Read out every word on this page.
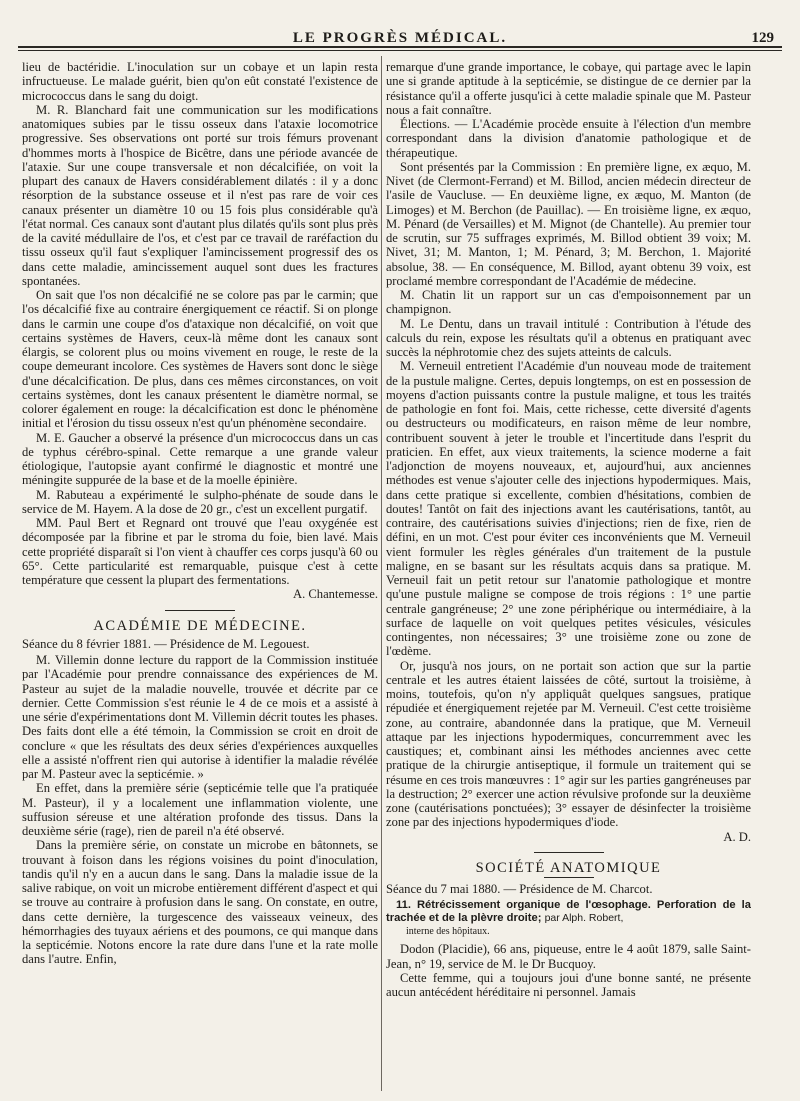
LE PROGRÈS MÉDICAL.	129

lieu de bactéridie. L'inoculation sur un cobaye et un lapin resta infructueuse. Le malade guérit, bien qu'on eût constaté l'existence de micrococcus dans le sang du doigt.

M. R. Blanchard fait une communication sur les modifications anatomiques subies par le tissu osseux dans l'ataxie locomotrice progressive. Ses observations ont porté sur trois fémurs provenant d'hommes morts à l'hospice de Bicêtre, dans une période avancée de l'ataxie. Sur une coupe transversale et non décalcifiée, on voit la plupart des canaux de Havers considérablement dilatés : il y a donc résorption de la substance osseuse et il n'est pas rare de voir ces canaux présenter un diamètre 10 ou 15 fois plus considérable qu'à l'état normal. Ces canaux sont d'autant plus dilatés qu'ils sont plus près de la cavité médullaire de l'os, et c'est par ce travail de raréfaction du tissu osseux qu'il faut s'expliquer l'amincissement progressif des os dans cette maladie, amincissement auquel sont dues les fractures spontanées.

On sait que l'os non décalcifié ne se colore pas par le carmin; que l'os décalcifié fixe au contraire énergiquement ce réactif. Si on plonge dans le carmin une coupe d'os d'ataxique non décalcifié, on voit que certains systèmes de Havers, ceux-là même dont les canaux sont élargis, se colorent plus ou moins vivement en rouge, le reste de la coupe demeurant incolore. Ces systèmes de Havers sont donc le siège d'une décalcification. De plus, dans ces mêmes circonstances, on voit certains systèmes, dont les canaux présentent le diamètre normal, se colorer également en rouge: la décalcification est donc le phénomène initial et l'érosion du tissu osseux n'est qu'un phénomène secondaire.

M. E. Gaucher a observé la présence d'un micrococcus dans un cas de typhus cérébro-spinal. Cette remarque a une grande valeur étiologique, l'autopsie ayant confirmé le diagnostic et montré une méningite suppurée de la base et de la moelle épinière.

M. Rabuteau a expérimenté le sulpho-phénate de soude dans le service de M. Hayem. A la dose de 20 gr., c'est un excellent purgatif.

MM. Paul Bert et Regnard ont trouvé que l'eau oxygénée est décomposée par la fibrine et par le stroma du foie, bien lavé. Mais cette propriété disparaît si l'on vient à chauffer ces corps jusqu'à 60 ou 65°. Cette particularité est remarquable, puisque c'est à cette température que cessent la plupart des fermentations.

A. Chantemesse.
ACADÉMIE DE MÉDECINE.

Séance du 8 février 1881. — Présidence de M. Legouest.

M. Villemin donne lecture du rapport de la Commission instituée par l'Académie pour prendre connaissance des expériences de M. Pasteur au sujet de la maladie nouvelle, trouvée et décrite par ce dernier. Cette Commission s'est réunie le 4 de ce mois et a assisté à une série d'expérimentations dont M. Villemin décrit toutes les phases. Des faits dont elle a été témoin, la Commission se croit en droit de conclure « que les résultats des deux séries d'expériences auxquelles elle a assisté n'offrent rien qui autorise à identifier la maladie révélée par M. Pasteur avec la septicémie. »

En effet, dans la première série (septicémie telle que l'a pratiquée M. Pasteur), il y a localement une inflammation violente, une suffusion séreuse et une altération profonde des tissus. Dans la deuxième série (rage), rien de pareil n'a été observé.

Dans la première série, on constate un microbe en bâtonnets, se trouvant à foison dans les régions voisines du point d'inoculation, tandis qu'il n'y en a aucun dans le sang. Dans la maladie issue de la salive rabique, on voit un microbe entièrement différent d'aspect et qui se trouve au contraire à profusion dans le sang. On constate, en outre, dans cette dernière, la turgescence des vaisseaux veineux, des hémorrhagies des tuyaux aériens et des poumons, ce qui manque dans la septicémie. Notons encore la rate dure dans l'une et la rate molle dans l'autre. Enfin,

remarque d'une grande importance, le cobaye, qui partage avec le lapin une si grande aptitude à la septicémie, se distingue de ce dernier par la résistance qu'il a offerte jusqu'ici à cette maladie spinale que M. Pasteur nous a fait connaître.

Élections. — L'Académie procède ensuite à l'élection d'un membre correspondant dans la division d'anatomie pathologique et de thérapeutique.

Sont présentés par la Commission : En première ligne, ex æquo, M. Nivet (de Clermont-Ferrand) et M. Billod, ancien médecin directeur de l'asile de Vaucluse. — En deuxième ligne, ex æquo, M. Manton (de Limoges) et M. Berchon (de Pauillac). — En troisième ligne, ex æquo, M. Pénard (de Versailles) et M. Mignot (de Chantelle). Au premier tour de scrutin, sur 75 suffrages exprimés, M. Billod obtient 39 voix; M. Nivet, 31; M. Manton, 1; M. Pénard, 3; M. Berchon, 1. Majorité absolue, 38. — En conséquence, M. Billod, ayant obtenu 39 voix, est proclamé membre correspondant de l'Académie de médecine.

M. Chatin lit un rapport sur un cas d'empoisonnement par un champignon.

M. Le Dentu, dans un travail intitulé : Contribution à l'étude des calculs du rein, expose les résultats qu'il a obtenus en pratiquant avec succès la néphrotomie chez des sujets atteints de calculs.

M. Verneuil entretient l'Académie d'un nouveau mode de traitement de la pustule maligne. Certes, depuis longtemps, on est en possession de moyens d'action puissants contre la pustule maligne, et tous les traités de pathologie en font foi. Mais, cette richesse, cette diversité d'agents ou destructeurs ou modificateurs, en raison même de leur nombre, contribuent souvent à jeter le trouble et l'incertitude dans l'esprit du praticien. En effet, aux vieux traitements, la science moderne a fait l'adjonction de moyens nouveaux, et, aujourd'hui, aux anciennes méthodes est venue s'ajouter celle des injections hypodermiques. Mais, dans cette pratique si excellente, combien d'hésitations, combien de doutes! Tantôt on fait des injections avant les cautérisations, tantôt, au contraire, des cautérisations suivies d'injections; rien de fixe, rien de défini, en un mot. C'est pour éviter ces inconvénients que M. Verneuil vient formuler les règles générales d'un traitement de la pustule maligne, en se basant sur les résultats acquis dans sa pratique. M. Verneuil fait un petit retour sur l'anatomie pathologique et montre qu'une pustule maligne se compose de trois régions : 1° une partie centrale gangréneuse; 2° une zone périphérique ou intermédiaire, à la surface de laquelle on voit quelques petites vésicules, vésicules contingentes, non nécessaires; 3° une troisième zone ou zone de l'œdème.

Or, jusqu'à nos jours, on ne portait son action que sur la partie centrale et les autres étaient laissées de côté, surtout la troisième, à moins, toutefois, qu'on n'y appliquât quelques sangsues, pratique répudiée et énergiquement rejetée par M. Verneuil. C'est cette troisième zone, au contraire, abandonnée dans la pratique, que M. Verneuil attaque par les injections hypodermiques, concurremment avec les caustiques; et, combinant ainsi les méthodes anciennes avec cette pratique de la chirurgie antiseptique, il formule un traitement qui se résume en ces trois manœuvres : 1° agir sur les parties gangréneuses par la destruction; 2° exercer une action révulsive profonde sur la deuxième zone (cautérisations ponctuées); 3° essayer de désinfecter la troisième zone par des injections hypodermiques d'iode.

A. D.
SOCIÉTÉ ANATOMIQUE

Séance du 7 mai 1880. — Présidence de M. Charcot.

11. Rétrécissement organique de l'œsophage. Perforation de la trachée et de la plèvre droite; par Alph. Robert,
interne des hôpitaux.

Dodon (Placidie), 66 ans, piqueuse, entre le 4 août 1879, salle Saint-Jean, n° 19, service de M. le Dr Bucquoy.

Cette femme, qui a toujours joui d'une bonne santé, ne présente aucun antécédent héréditaire ni personnel. Jamais
